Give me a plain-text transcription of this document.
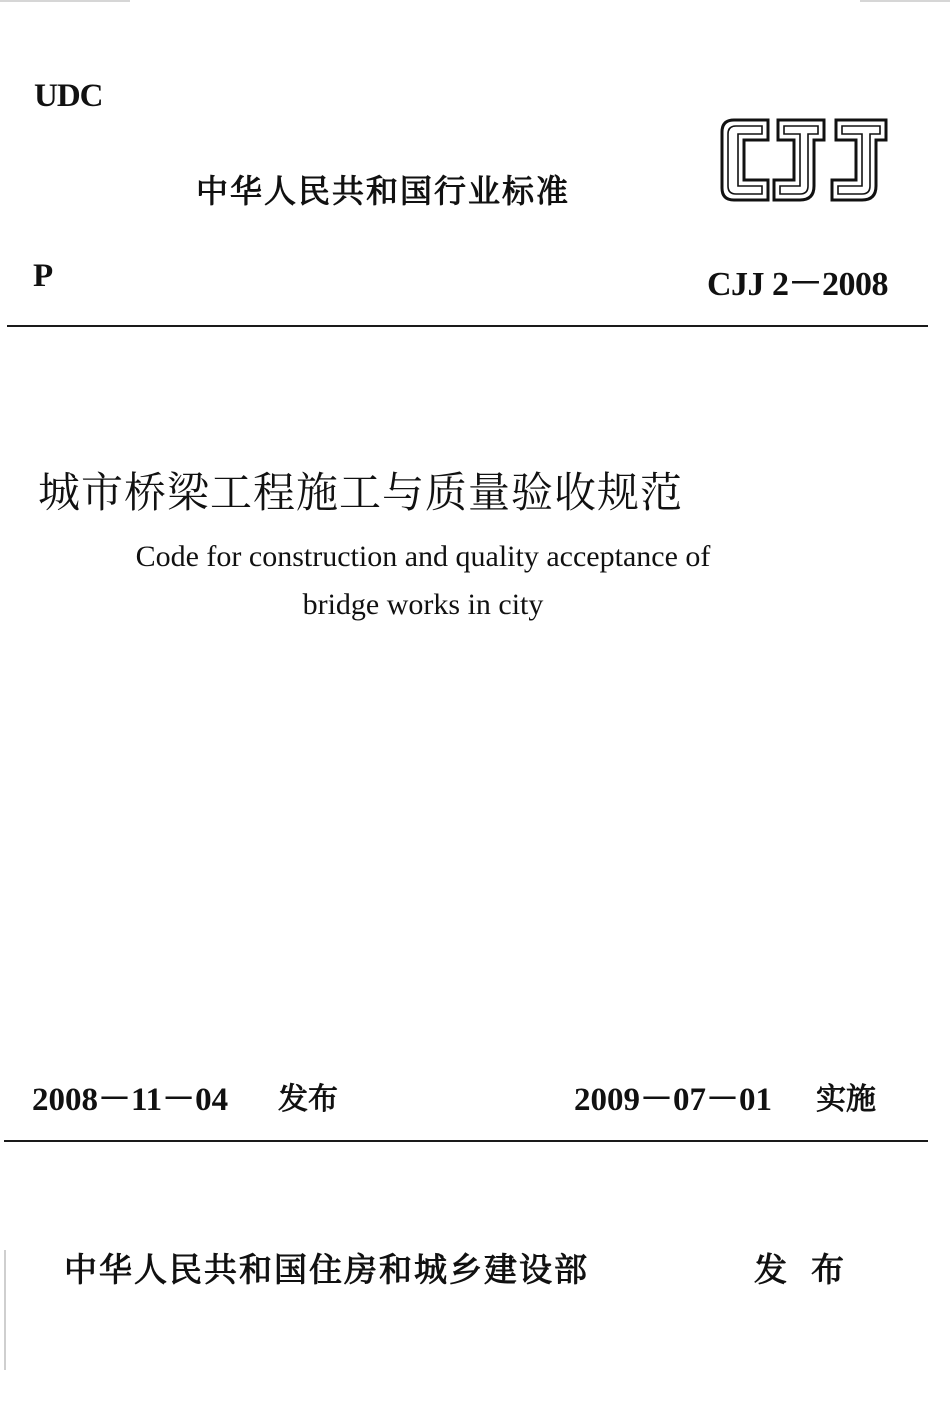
UDC
中华人民共和国行业标准	CJJ
P	CJJ 2－2008
城市桥梁工程施工与质量验收规范
Code for construction and quality acceptance of
bridge works in city
2008－11－04 发布	2009－07－01 实施
中华人民共和国住房和城乡建设部	发布
